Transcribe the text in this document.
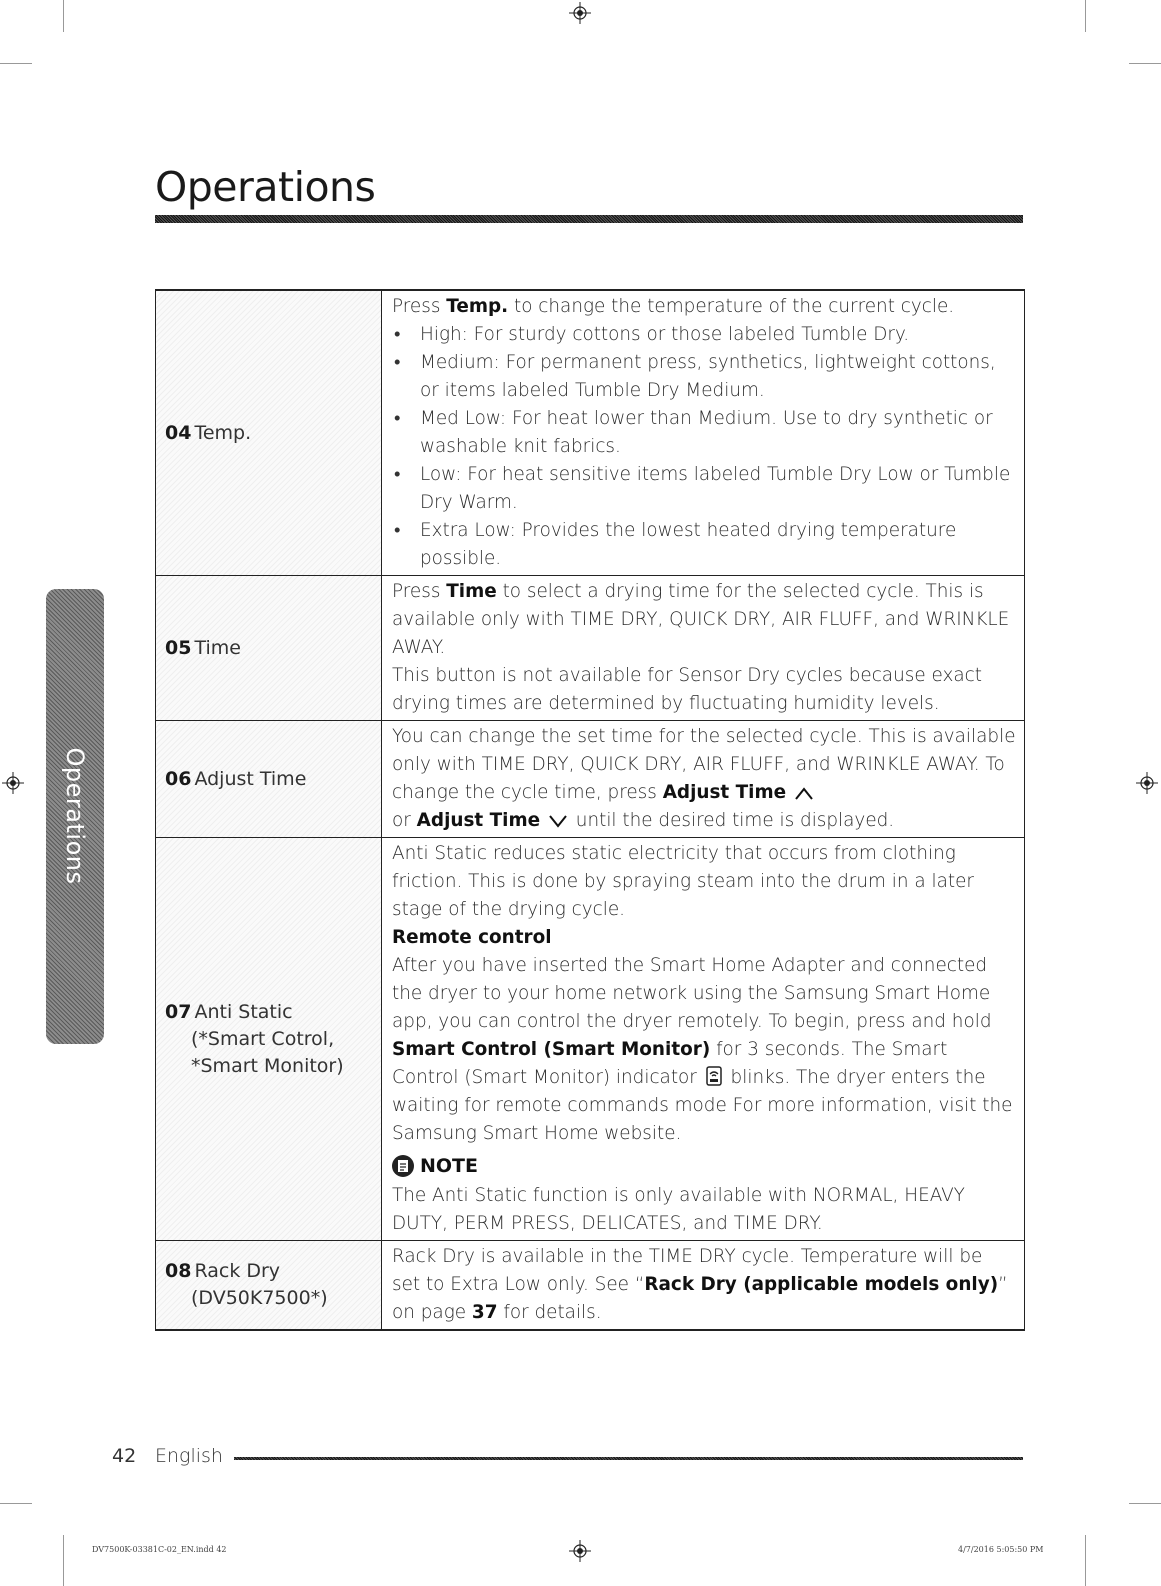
Operations
Operations
04 Temp.

Press Temp. to change the temperature of the current cycle.

• High: For sturdy cottons or those labeled Tumble Dry.
• Medium: For permanent press, synthetics, lightweight cottons, or items labeled Tumble Dry Medium.
• Med Low: For heat lower than Medium. Use to dry synthetic or washable knit fabrics.
• Low: For heat sensitive items labeled Tumble Dry Low or Tumble Dry Warm.
• Extra Low: Provides the lowest heated drying temperature possible.
05 Time

Press Time to select a drying time for the selected cycle. This is available only with TIME DRY, QUICK DRY, AIR FLUFF, and WRINKLE AWAY.

This button is not available for Sensor Dry cycles because exact drying times are determined by fluctuating humidity levels.

06 Adjust Time

You can change the set time for the selected cycle. This is available only with TIME DRY, QUICK DRY, AIR FLUFF, and WRINKLE AWAY. To change the cycle time, press Adjust Time
or Adjust Time  until the desired time is displayed.

07 Anti Static
(*Smart Cotrol,
*Smart Monitor)

Anti Static reduces static electricity that occurs from clothing friction. This is done by spraying steam into the drum in a later stage of the drying cycle.

Remote control

After you have inserted the Smart Home Adapter and connected the dryer to your home network using the Samsung Smart Home app, you can control the dryer remotely. To begin, press and hold Smart Control (Smart Monitor) for 3 seconds. The Smart Control (Smart Monitor) indicator  blinks. The dryer enters the waiting for remote commands mode For more information, visit the Samsung Smart Home website.

NOTE

The Anti Static function is only available with NORMAL, HEAVY DUTY, PERM PRESS, DELICATES, and TIME DRY.

08 Rack Dry
(DV50K7500*)

Rack Dry is available in the TIME DRY cycle. Temperature will be set to Extra Low only. See “Rack Dry (applicable models only)” on page 37 for details.

42 English
DV7500K-03381C-02_EN.indd 42	4/7/2016 5:05:50 PM
